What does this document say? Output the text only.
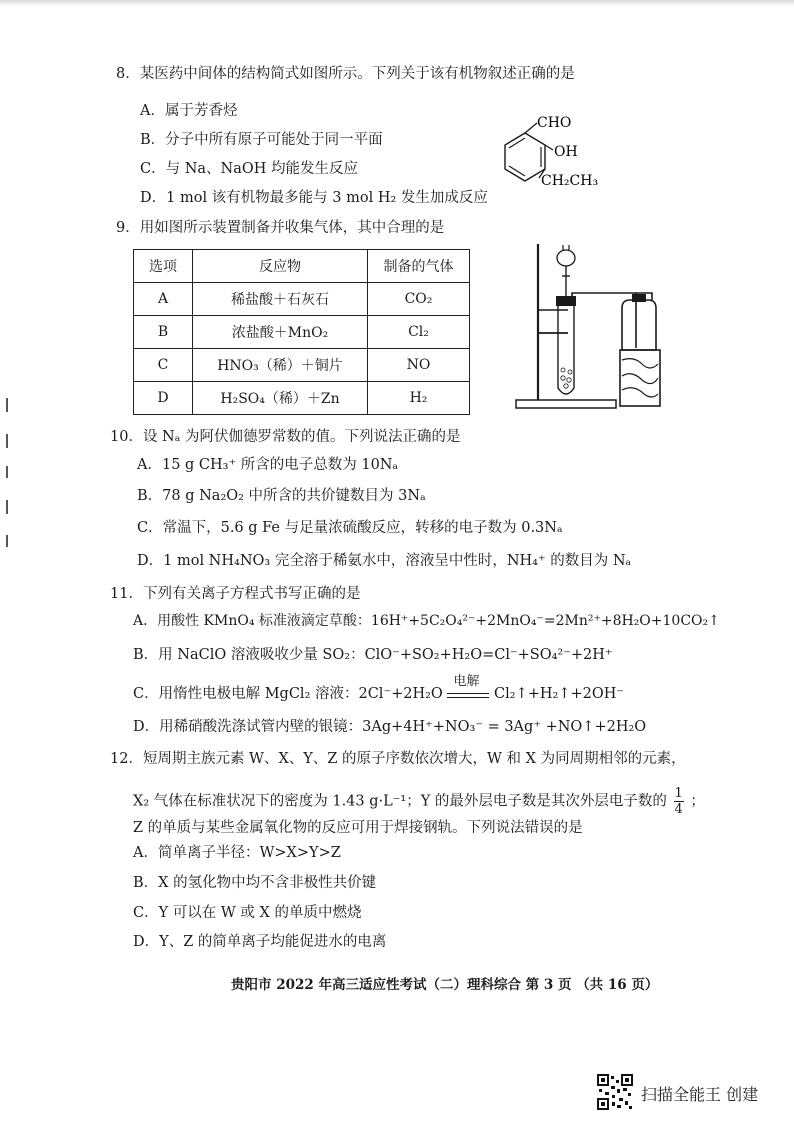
8．某医药中间体的结构简式如图所示。下列关于该有机物叙述正确的是
A．属于芳香烃
B．分子中所有原子可能处于同一平面
C．与 Na、NaOH 均能发生反应
D．1 mol 该有机物最多能与 3 mol H₂ 发生加成反应
CHO
OH
CH₂CH₃
9．用如图所示装置制备并收集气体，其中合理的是
选项	反应物	制备的气体
A	稀盐酸＋石灰石	CO₂
B	浓盐酸＋MnO₂	Cl₂
C	HNO₃（稀）＋铜片	NO
D	H₂SO₄（稀）＋Zn	H₂
10．设 Nₐ 为阿伏伽德罗常数的值。下列说法正确的是
A．15 g CH₃⁺ 所含的电子总数为 10Nₐ
B．78 g Na₂O₂ 中所含的共价键数目为 3Nₐ
C．常温下，5.6 g Fe 与足量浓硫酸反应，转移的电子数为 0.3Nₐ
D．1 mol NH₄NO₃ 完全溶于稀氨水中，溶液呈中性时，NH₄⁺ 的数目为 Nₐ
11．下列有关离子方程式书写正确的是
A．用酸性 KMnO₄ 标准液滴定草酸：16H⁺+5C₂O₄²⁻+2MnO₄⁻=2Mn²⁺+8H₂O+10CO₂↑
B．用 NaClO 溶液吸收少量 SO₂：ClO⁻+SO₂+H₂O=Cl⁻+SO₄²⁻+2H⁺
C．用惰性电极电解 MgCl₂ 溶液：2Cl⁻+2H₂O
电解
Cl₂↑+H₂↑+2OH⁻
D．用稀硝酸洗涤试管内壁的银镜：3Ag+4H⁺+NO₃⁻ = 3Ag⁺ +NO↑+2H₂O
12．短周期主族元素 W、X、Y、Z 的原子序数依次增大，W 和 X 为同周期相邻的元素，
X₂ 气体在标准状况下的密度为 1.43 g·L⁻¹；Y 的最外层电子数是其次外层电子数的 $\frac{1}{4}$ ；
Z 的单质与某些金属氧化物的反应可用于焊接钢轨。下列说法错误的是
A．简单离子半径：W>X>Y>Z
B．X 的氢化物中均不含非极性共价键
C．Y 可以在 W 或 X 的单质中燃烧
D．Y、Z 的简单离子均能促进水的电离
贵阳市 2022 年高三适应性考试（二）理科综合 第 3 页 （共 16 页）
扫描全能王 创建
